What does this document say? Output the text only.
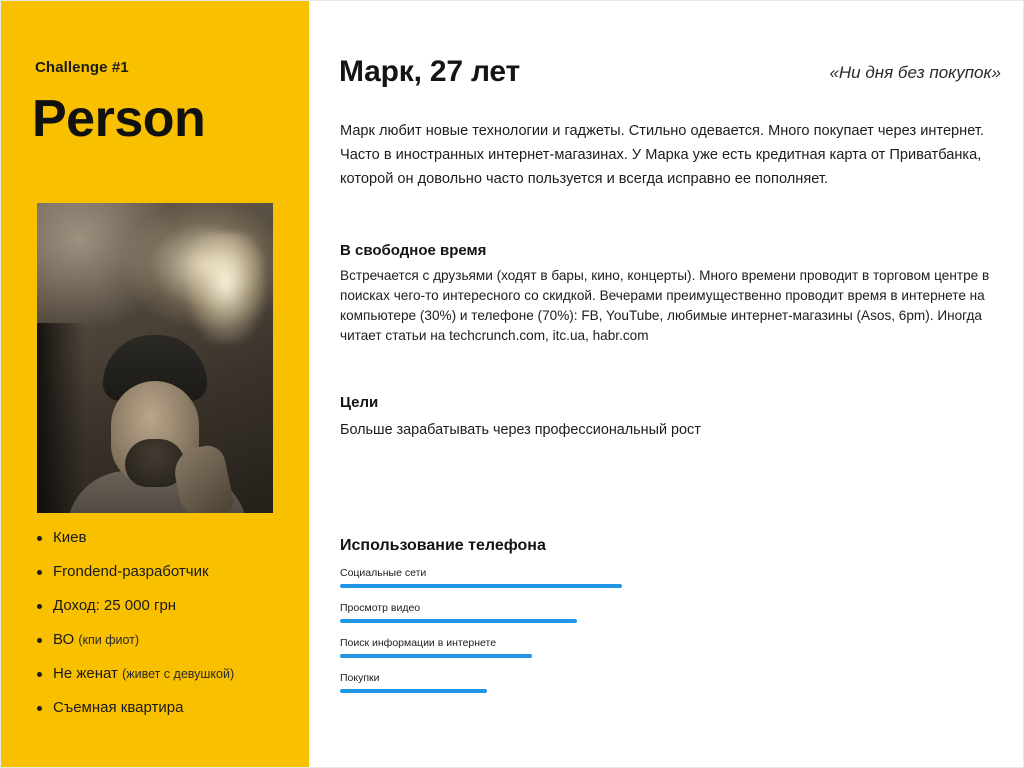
Challenge #1
Person
Киев
Frondend-разработчик
Доход: 25 000 грн
ВО (кпи фиот)
Не женат (живет с девушкой)
Съемная квартира
Марк, 27 лет	«Ни дня без покупок»
Марк любит новые технологии и гаджеты. Стильно одевается. Много покупает через интернет. Часто в иностранных интернет-магазинах. У Марка уже есть кредитная карта от Приватбанка, которой он довольно часто пользуется и всегда исправно ее пополняет.
В свободное время
Встречается с друзьями (ходят в бары, кино, концерты). Много времени проводит в торговом центре в поисках чего-то интересного со скидкой. Вечерами преимущественно проводит время в интернете на компьютере (30%) и телефоне (70%): FB, YouTube, любимые интернет-магазины (Asos, 6pm). Иногда читает статьи на techcrunch.com, itc.ua, habr.com
Цели
Больше зарабатывать через профессиональный рост
Использование телефона
Социальные сети
Просмотр видео
Поиск информации в интернете
Покупки
